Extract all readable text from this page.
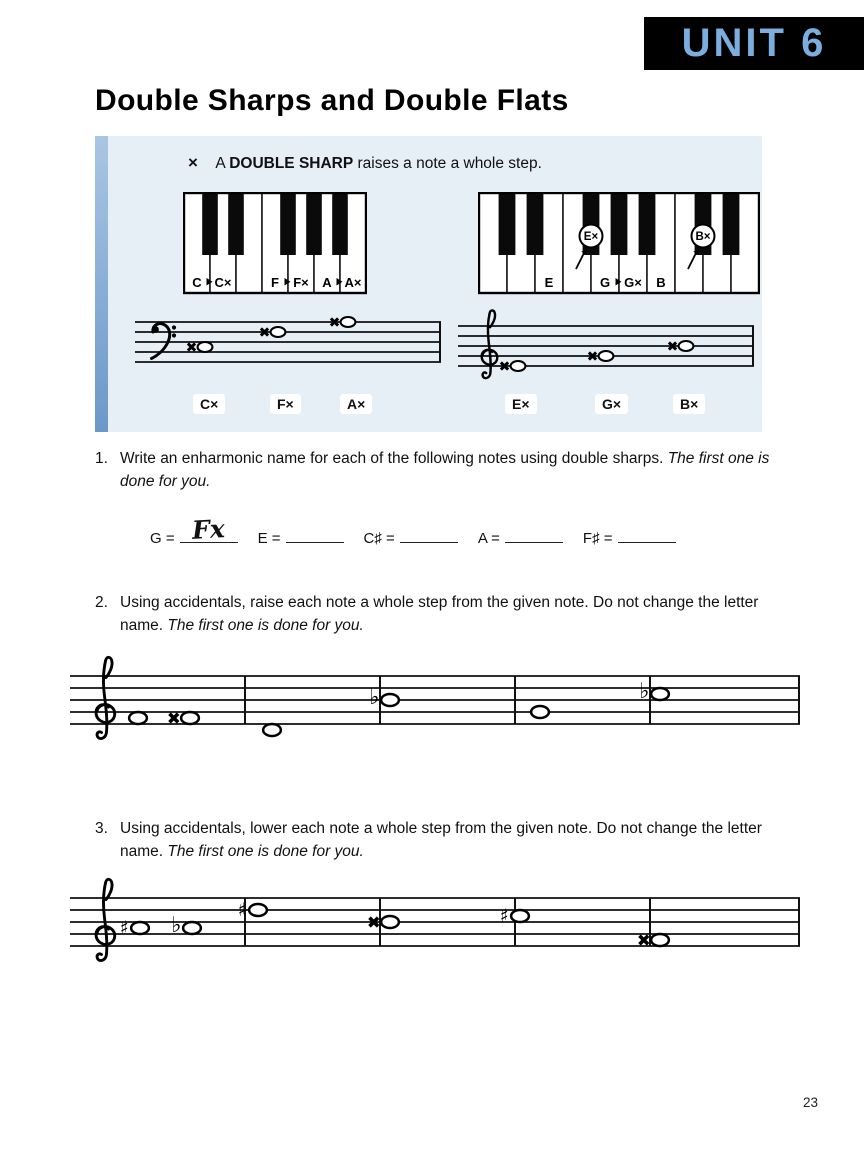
UNIT 6
Double Sharps and Double Flats
× A DOUBLE SHARP raises a note a whole step.
C C×	F F× A A×	E	G G× B
E×	B×
C×	F×	A×	E×	G×	B×
1. Write an enharmonic name for each of the following notes using double sharps. The first one is done for you.

G = Fx E =	C♯ =	A =	F♯ =
2. Using accidentals, raise each note a whole step from the given note. Do not change the letter name. The first one is done for you.

♭	♭
3. Using accidentals, lower each note a whole step from the given note. Do not change the letter name. The first one is done for you.

♯ ♭
♯	♯
23
